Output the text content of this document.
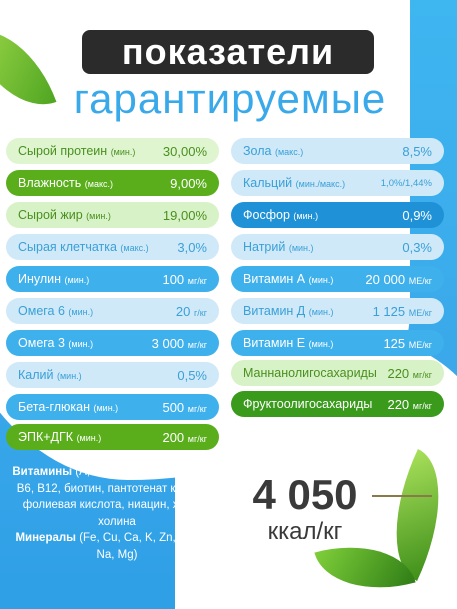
показатели
гарантируемые
Сырой протеин (мин.)	30,00%
Влажность (макс.)	9,00%
Сырой жир (мин.)	19,00%
Сырая клетчатка (макс.)	3,0%
Инулин (мин.)	100 мг/кг
Омега 6 (мин.)	20 г/кг
Омега 3 (мин.)	3 000 мг/кг
Калий (мин.)	0,5%
Бета-глюкан (мин.)	500 мг/кг
ЭПК+ДГК (мин.)	200 мг/кг
Зола (макс.)	8,5%
Кальций (мин./макс.)	1,0%/1,44%
Фосфор (мин.)	0,9%
Натрий (мин.)	0,3%
Витамин А (мин.)	20 000 МЕ/кг
Витамин Д (мин.)	1 125 МЕ/кг
Витамин Е (мин.)	125 МЕ/кг
Маннанолигосахариды 220 мг/кг
Фруктоолигосахариды	220 мг/кг
Витамины (A, D3, E, K3, C, B1, B2, B5, B6, B12, биотин, пантотенат кальция, фолиевая кислота, ниацин, хлорид холина
Минералы (Fe, Cu, Ca, K, Zn, Mn, Se, Na, Mg)
4 050
ккал/кг
